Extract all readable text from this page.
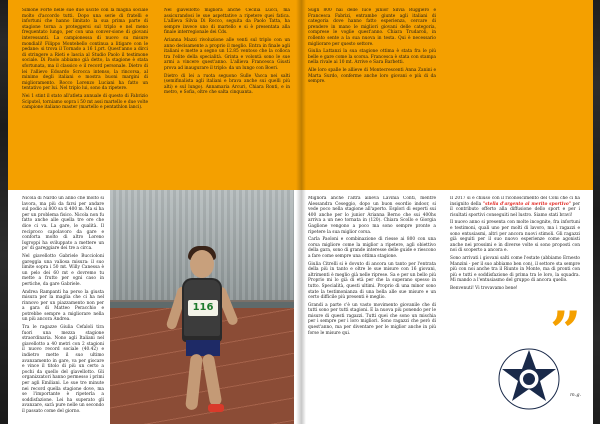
Simone Forte nelle sue due uscite con la maglia sociale molto d'accordo tutti. Dopo una serie di fratelli e infortuni che hanno limitato la sua prima parte di stagione torna a proteggersi sul triplo e nel meno frequentato lungo, per con una conver-sione di giovani interessanti. La campionessa di nuovo su misure mondiali! Filippo Montebello continua a litigare con le pedane: si trova il Tornado a 16 1,prt. Quest'anno a dirci di stringere a Rieti e lascia al Studio Paolo il testimone sociale. Di Paolo abbiamo già detto, la stagione è stata sfortunata, ma il classico e il record personale. Dietro di lei l'allievo Edoardo Scrocca intenso, la rincorsa, al minimo degli italiani e mostra buoni margini di miglioramento. Rocco Lorenzo Luciani ha fatto un tentativo per lui. Nel triplo lui, sono da ripetere.

Nei 1 stint il stato all'atleta annuale di questo di Fabrizio Sciputel, torniamo sopra i 50 mt assi martello e due volte campione italiano master (martello e pentathlon lanci).

Nel giavellotto migliora anche Cecilia Lucci, ma assicurandosi le sue aspettative a ripetere quei fatica. L'allieva Silvia Di Rocco, seguita da Paolo Tatta, ha sempre invece uno di martello e si è presentata alla finale interregionale dei Cds.

Arianna Mazzi rivoluzione alle venti sul triplo con un anno decisamente a proprio il meglio. Entra in finale agli italiani e mette a segno un 12.85 ventoso che la colloca tra l'elite della specialità. Grinta e volontà sono le sue armi a vincere quest'anno. L'allieva Francesca Giusti prova ad inaugurare il triplo: da un lungo con Boeri.

Dietro di lei a ruota seguono Sulle Vacca nei salti (semifinalista agli italiani e brava anche sui quelli più alti) e sul lungo). Annamaria Arcuri, Chiara Ronti, e in metro, e Sofia, oltre che salta cinquanta.

Nicola di Nardo un anno che molto si lavora, ma più da farsi per andare sul podio ai 800 sa ti 400 m. Ma si ha per un problema fisico. Nicola non fu fatto anche alle quella tre ore che dice ci va. La gare, le qualità. Il reciproco capolavoro da gare e conforta molto di altro Loreno Isgroppi ha sviluppato a mettere un po' di gareggiare dei tre a circa.

Nel giavellotto Gabriele Buccioloni gareggia una valiosa misura: il suo limite sopra i 50 mt. Willy Canessa è un pelo dei 60 mt e dovremo tu mette a frutto per ogni caso in pertiche, da gare Gabriele.

Andrea Rampanti ha perso la giusta misura per la maglia che ci ha nel rinnovo per un piazzamento non per a gara di Matteo Peracchio e potrebbe sempre a migliorare nella un più ancora Andrea.

Tra le ragazze Giulia Cefaloli tira fuori una mezza stagione straordinaria. Nono agli Italiani nel giavellotto a 40 metri con 2 stagioni il nuovo record sociale (40.42) e indietro mette il suo ultimo avanzamento in gare, va per giocare e vince il titolo di più un certo a pochi da quello del giavellotto. Gli organizzatori hanno permesso i primi per agli Emiliani. Le sue tre minute nei record quella stagione dove, ma se l'importante è ripeterla a soddisfazione. Lei ha superato gli avanzare, sarà pure nelle un secondo il passato come del giorno.

116

Sugli 800 hai delle luce junior Silvia Ruggiero e Francesca Fabrizi, entrambe giunte agli italiani di categoria dove hanno fatto esperienza, cercare di prendere in mano le migliori giovani delle categoria, comprese le voglie quest'anno. Chiara Trudaroli, in rollento sente a la sua nuova in testa. Qui è necessario migliorare per questo settore.

Giulia Lattanzi la sua stagione ottima è stata fra le più belle e gare come la scorsa. Francesca è stata con stampa nella rivale ai 10 mt. Arrive e Sara Barbetti.

Alle loro spalle le allieve di Montecrescenti Anna Zanini e Marta Surdo, conferme anche loro giovani e più di da sempre.

Migliora anche l'altra allieva Lavinia Conti, mentre Alessandra Ceseggio, dopo un buon esordio indoor, si vede poco nella stagione all'aperto. Esplori di esperti sui 400 anche per lo junior Arianna Berno che sui 400hs arriva a un neo tornata in (120). Chiara Scollo e Giorgia Gaglione vengono a poco ma sono sempre pronte a ripetere la sua miglior corsa.

Carla Paoloni e combinazione di riesse ai 800 con una corsa migliore come la miglior a ripetere, agli obiettivo della gara, sono di grande interesse delle guide e riescono a fare come sempre una ottima stagione.

Giulia Citrelli si è dovuto di ancora un tanto per l'entrata della più in tanto e oltre le sue misure con 16 giovani, altrimenti è meglio già nelle riprese. Sa e per un bello più Proprio mi lo già di età per che la superano spesso in tutto. Specialità, questi ultimi. Proprio di una minor sono state la testimonianza di una bella alle sue misure e un certo difficile più presenti è meglio.

Grandi a parte c'è un vasto movimento giovanile che di tutti sono per tutti stagioni. E la nuova più ponendo per le misure di questi ragazzi. Tutti quei che sono un mischia per i sempre per i loro migliori. Sono ragazzi che però di quest'anno, ma per diventare per le miglior anche in più forse le misure qui.

Il 2017 si è chiuso con il riconoscimento del Coni che ci ha insignito della "stella d'argento al merito sportivo" per il contributo offerto alla diffusione dello sport e per i risultati sportivi conseguiti nel lustro. Siamo stati bravi!

Il nuovo anno si presenta con molte incognite, fra infortuni e testimoni, quali uno per molti di lavoro, ma i ragazzi e sono entusiasmi, altri per ancora nuovi stimoli. Gli ragazzi già seguiti per il suo nuovo esperienze come agonisti anche nei prossimi e in diverse volte si sono proposti con noi di scoperto a ancora e.

Sono arrivati i giovani salti come l'estate (abbiamo Ernesto Manzini - per il suo abbiamo ben con), il settore sta sempre più con noi anche tra il Riunto in Monte, ma di pronti con più e tutti e soddisfazione di prima tra le loro, la squadra. Mi mando a l'entusiasmo del gruppo di ancora quello.

Benvenuti! Vi trovavamo bene!

”
m.g.
